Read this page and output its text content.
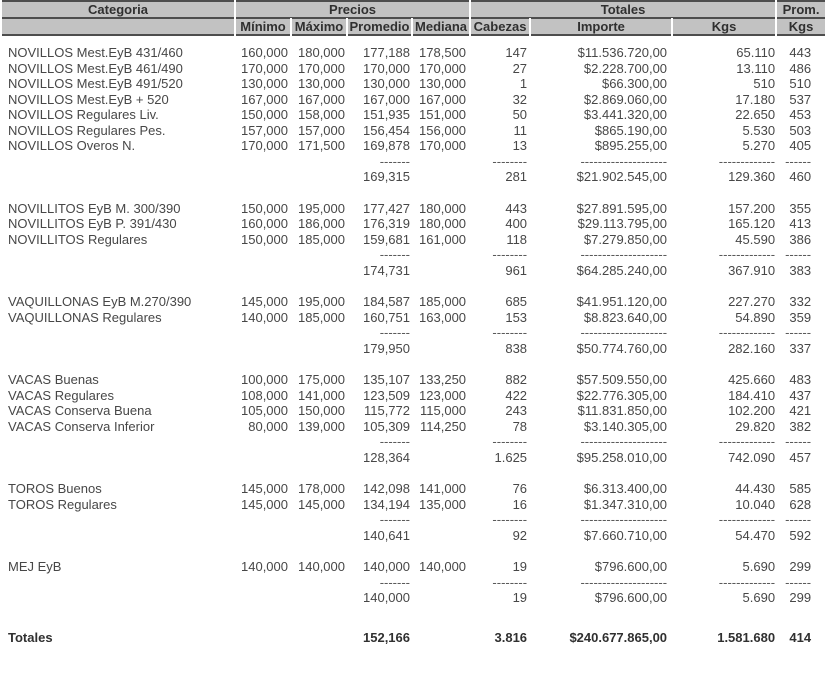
Categoria	Precios				Totales			Prom.
	Mínimo	Máximo	Promedio	Mediana	Cabezas	Importe	Kgs	Kgs

NOVILLOS Mest.EyB 431/460	160,000	180,000	177,188	178,500	147	$11.536.720,00	65.110	443
NOVILLOS Mest.EyB 461/490	170,000	170,000	170,000	170,000	27	$2.228.700,00	13.110	486
NOVILLOS Mest.EyB 491/520	130,000	130,000	130,000	130,000	1	$66.300,00	510	510
NOVILLOS Mest.EyB + 520	167,000	167,000	167,000	167,000	32	$2.869.060,00	17.180	537
NOVILLOS Regulares Liv.	150,000	158,000	151,935	151,000	50	$3.441.320,00	22.650	453
NOVILLOS Regulares Pes.	157,000	157,000	156,454	156,000	11	$865.190,00	5.530	503
NOVILLOS Overos N.	170,000	171,500	169,878	170,000	13	$895.255,00	5.270	405
			-------		--------	--------------------	-------------	------
			169,315		281	$21.902.545,00	129.360	460

NOVILLITOS EyB M. 300/390	150,000	195,000	177,427	180,000	443	$27.891.595,00	157.200	355
NOVILLITOS EyB P. 391/430	160,000	186,000	176,319	180,000	400	$29.113.795,00	165.120	413
NOVILLITOS Regulares	150,000	185,000	159,681	161,000	118	$7.279.850,00	45.590	386
			-------		--------	--------------------	-------------	------
			174,731		961	$64.285.240,00	367.910	383

VAQUILLONAS EyB M.270/390	145,000	195,000	184,587	185,000	685	$41.951.120,00	227.270	332
VAQUILLONAS Regulares	140,000	185,000	160,751	163,000	153	$8.823.640,00	54.890	359
			-------		--------	--------------------	-------------	------
			179,950		838	$50.774.760,00	282.160	337

VACAS Buenas	100,000	175,000	135,107	133,250	882	$57.509.550,00	425.660	483
VACAS Regulares	108,000	141,000	123,509	123,000	422	$22.776.305,00	184.410	437
VACAS Conserva Buena	105,000	150,000	115,772	115,000	243	$11.831.850,00	102.200	421
VACAS Conserva Inferior	80,000	139,000	105,309	114,250	78	$3.140.305,00	29.820	382
			-------		--------	--------------------	-------------	------
			128,364		1.625	$95.258.010,00	742.090	457

TOROS Buenos	145,000	178,000	142,098	141,000	76	$6.313.400,00	44.430	585
TOROS Regulares	145,000	145,000	134,194	135,000	16	$1.347.310,00	10.040	628
			-------		--------	--------------------	-------------	------
			140,641		92	$7.660.710,00	54.470	592

MEJ EyB	140,000	140,000	140,000	140,000	19	$796.600,00	5.690	299
			-------		--------	--------------------	-------------	------
			140,000		19	$796.600,00	5.690	299

Totales			152,166		3.816	$240.677.865,00	1.581.680	414
